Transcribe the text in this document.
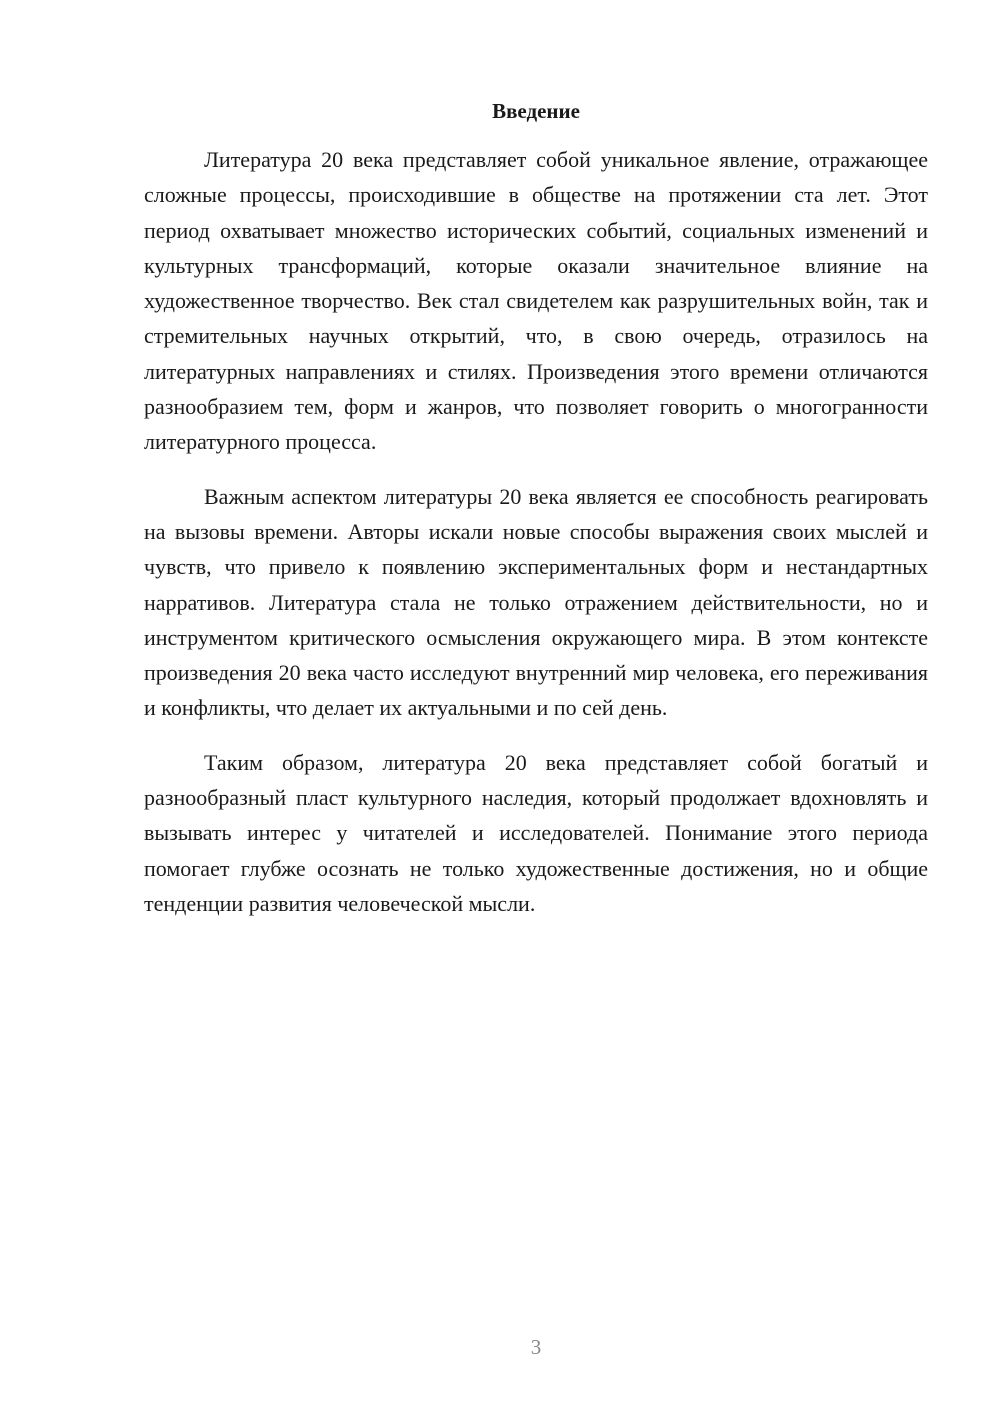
Введение

Литература 20 века представляет собой уникальное явление, отражающее сложные процессы, происходившие в обществе на протяжении ста лет. Этот период охватывает множество исторических событий, социальных изменений и культурных трансформаций, которые оказали значительное влияние на художественное творчество. Век стал свидетелем как разрушительных войн, так и стремительных научных открытий, что, в свою очередь, отразилось на литературных направлениях и стилях. Произведения этого времени отличаются разнообразием тем, форм и жанров, что позволяет говорить о многогранности литературного процесса.

Важным аспектом литературы 20 века является ее способность реагировать на вызовы времени. Авторы искали новые способы выражения своих мыслей и чувств, что привело к появлению экспериментальных форм и нестандартных нарративов. Литература стала не только отражением действительности, но и инструментом критического осмысления окружающего мира. В этом контексте произведения 20 века часто исследуют внутренний мир человека, его переживания и конфликты, что делает их актуальными и по сей день.

Таким образом, литература 20 века представляет собой богатый и разнообразный пласт культурного наследия, который продолжает вдохновлять и вызывать интерес у читателей и исследователей. Понимание этого периода помогает глубже осознать не только художественные достижения, но и общие тенденции развития человеческой мысли.

3
